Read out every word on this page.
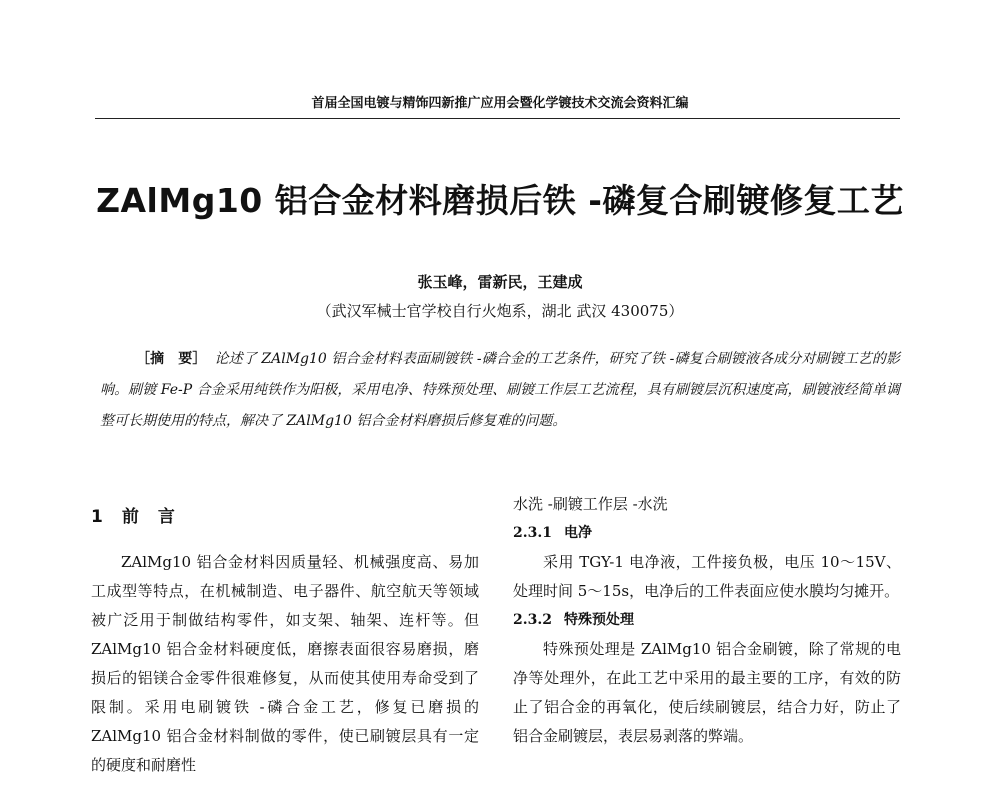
首届全国电镀与精饰四新推广应用会暨化学镀技术交流会资料汇编
ZAlMg10 铝合金材料磨损后铁 -磷复合刷镀修复工艺
张玉峰，雷新民，王建成
（武汉军械士官学校自行火炮系，湖北 武汉 430075）
［摘　要］ 论述了 ZAlMg10 铝合金材料表面刷镀铁 -磷合金的工艺条件，研究了铁 -磷复合刷镀液各成分对刷镀工艺的影响。刷镀 Fe-P 合金采用纯铁作为阳极，采用电净、特殊预处理、刷镀工作层工艺流程，具有刷镀层沉积速度高，刷镀液经简单调整可长期使用的特点，解决了 ZAlMg10 铝合金材料磨损后修复难的问题。
1　前　言

ZAlMg10 铝合金材料因质量轻、机械强度高、易加工成型等特点，在机械制造、电子器件、航空航天等领域被广泛用于制做结构零件，如支架、轴架、连杆等。但 ZAlMg10 铝合金材料硬度低，磨擦表面很容易磨损，磨损后的铝镁合金零件很难修复，从而使其使用寿命受到了限制。采用电刷镀铁 -磷合金工艺，修复已磨损的 ZAlMg10 铝合金材料制做的零件，使已刷镀层具有一定的硬度和耐磨性

水洗 -刷镀工作层 -水洗

2.3.1 电净

采用 TGY-1 电净液，工件接负极，电压 10～15V、处理时间 5～15s，电净后的工件表面应使水膜均匀摊开。

2.3.2 特殊预处理

特殊预处理是 ZAlMg10 铝合金刷镀，除了常规的电净等处理外，在此工艺中采用的最主要的工序，有效的防止了铝合金的再氧化，使后续刷镀层，结合力好，防止了铝合金刷镀层，表层易剥落的弊端。
